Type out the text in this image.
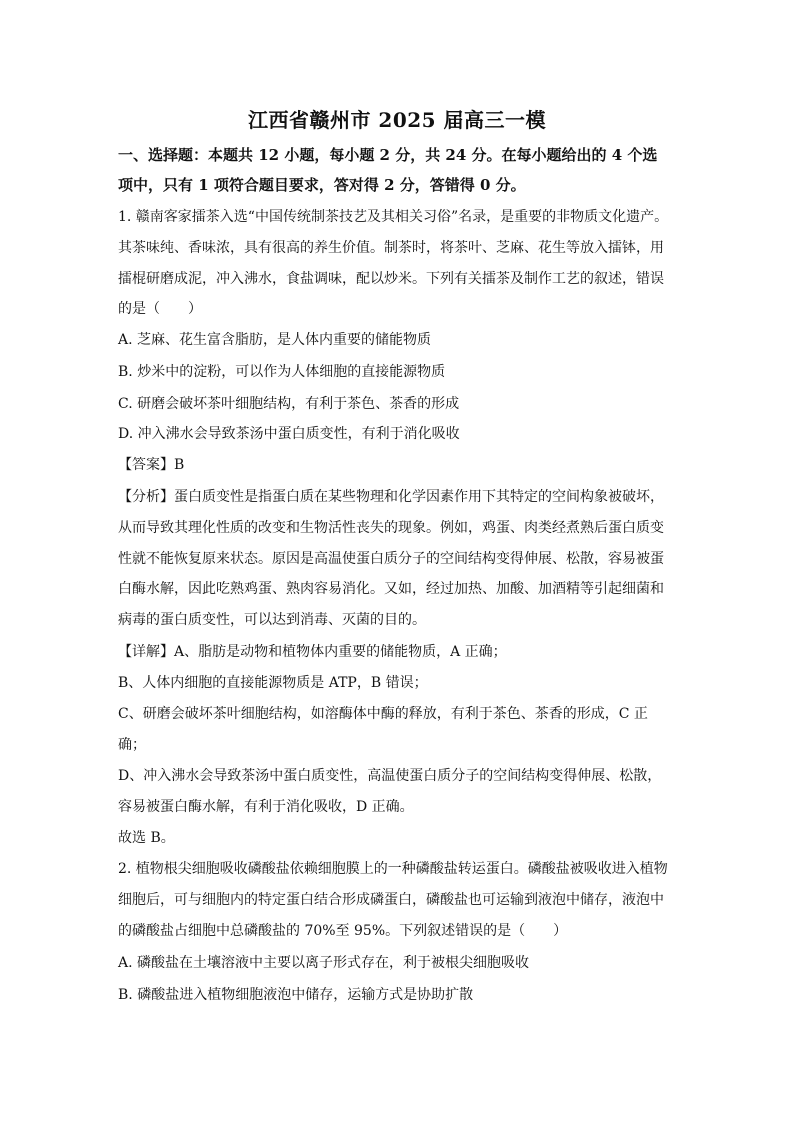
江西省赣州市 2025 届高三一模
一、选择题：本题共 12 小题，每小题 2 分，共 24 分。在每小题给出的 4 个选
项中，只有 1 项符合题目要求，答对得 2 分，答错得 0 分。
1. 赣南客家擂茶入选“中国传统制茶技艺及其相关习俗”名录，是重要的非物质文化遗产。
其茶味纯、香味浓，具有很高的养生价值。制茶时，将茶叶、芝麻、花生等放入擂钵，用
擂棍研磨成泥，冲入沸水，食盐调味，配以炒米。下列有关擂茶及制作工艺的叙述，错误
的是（　　）
A. 芝麻、花生富含脂肪，是人体内重要的储能物质
B. 炒米中的淀粉，可以作为人体细胞的直接能源物质
C. 研磨会破坏茶叶细胞结构，有利于茶色、茶香的形成
D. 冲入沸水会导致茶汤中蛋白质变性，有利于消化吸收
【答案】B
【分析】蛋白质变性是指蛋白质在某些物理和化学因素作用下其特定的空间构象被破坏，
从而导致其理化性质的改变和生物活性丧失的现象。例如，鸡蛋、肉类经煮熟后蛋白质变
性就不能恢复原来状态。原因是高温使蛋白质分子的空间结构变得伸展、松散，容易被蛋
白酶水解，因此吃熟鸡蛋、熟肉容易消化。又如，经过加热、加酸、加酒精等引起细菌和
病毒的蛋白质变性，可以达到消毒、灭菌的目的。
【详解】A、脂肪是动物和植物体内重要的储能物质，A 正确；
B、人体内细胞的直接能源物质是 ATP，B 错误；
C、研磨会破坏茶叶细胞结构，如溶酶体中酶的释放，有利于茶色、茶香的形成，C 正
确；
D、冲入沸水会导致茶汤中蛋白质变性，高温使蛋白质分子的空间结构变得伸展、松散，
容易被蛋白酶水解，有利于消化吸收，D 正确。
故选 B。
2. 植物根尖细胞吸收磷酸盐依赖细胞膜上的一种磷酸盐转运蛋白。磷酸盐被吸收进入植物
细胞后，可与细胞内的特定蛋白结合形成磷蛋白，磷酸盐也可运输到液泡中储存，液泡中
的磷酸盐占细胞中总磷酸盐的 70%至 95%。下列叙述错误的是（　　）
A. 磷酸盐在土壤溶液中主要以离子形式存在，利于被根尖细胞吸收
B. 磷酸盐进入植物细胞液泡中储存，运输方式是协助扩散
